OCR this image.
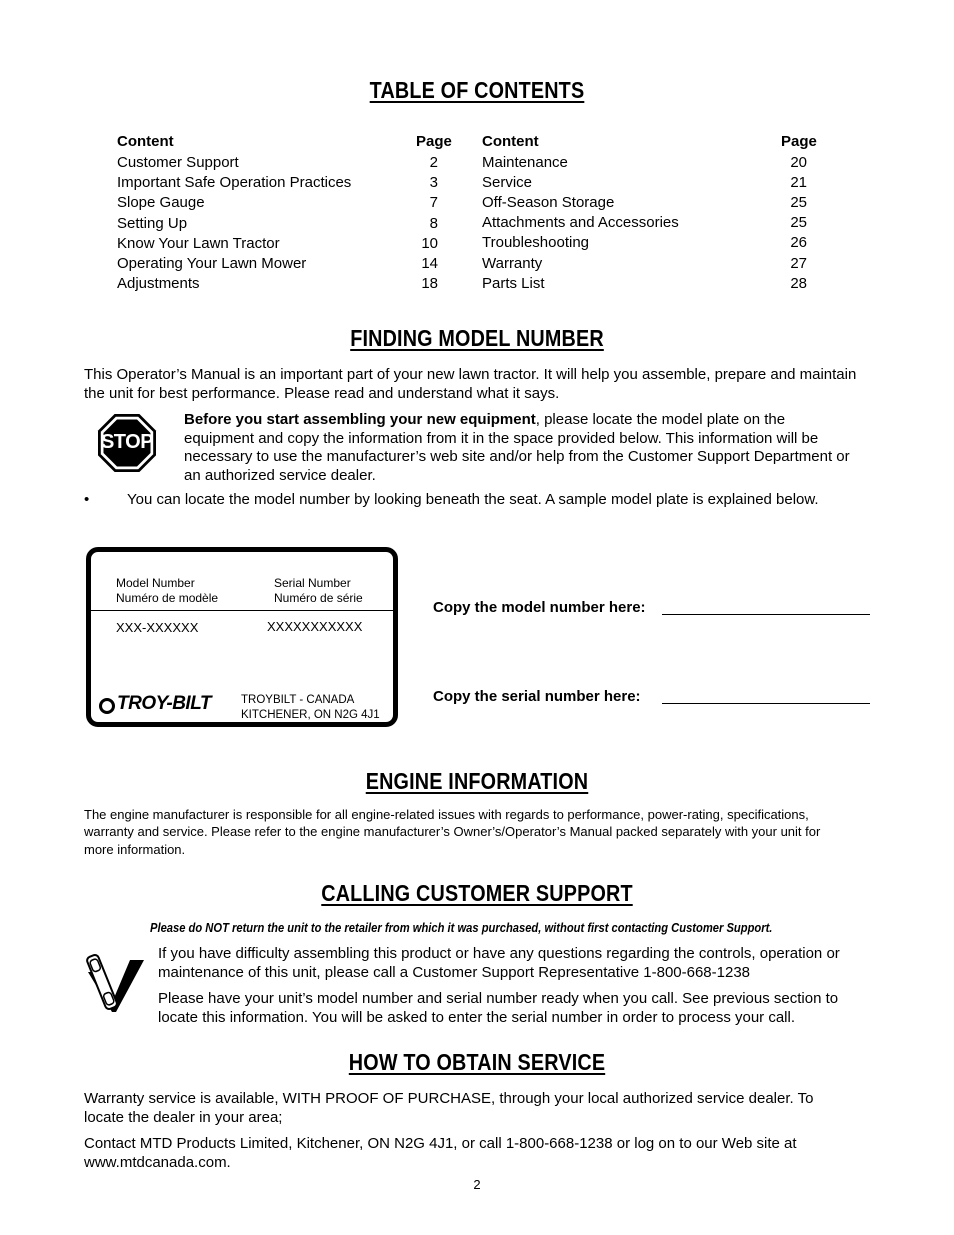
TABLE OF CONTENTS
Content	Page Content	Page
Customer Support	2
Important Safe Operation Practices	3
Slope Gauge	7
Setting Up	8
Know Your Lawn Tractor	10
Operating Your Lawn Mower	14
Adjustments	18
Maintenance	20
Service	21
Off-Season Storage	25
Attachments and Accessories	25
Troubleshooting	26
Warranty	27
Parts List	28
FINDING MODEL NUMBER
This Operator’s Manual is an important part of your new lawn tractor. It will help you assemble, prepare and maintain
the unit for best performance. Please read and understand what it says.
STOP
Before you start assembling your new equipment, please locate the model plate on the
equipment and copy the information from it in the space provided below. This information will be
necessary to use the manufacturer’s web site and/or help from the Customer Support Department or
an authorized service dealer.
•	You can locate the model number by looking beneath the seat. A sample model plate is explained below.
Model Number
Numéro de modèle
Serial Number
Numéro de série
XXX-XXXXXX	XXXXXXXXXXX
TROY-BILT	TROYBILT - CANADA
KITCHENER, ON N2G 4J1
Copy the model number here:
Copy the serial number here:
ENGINE INFORMATION
The engine manufacturer is responsible for all engine-related issues with regards to performance, power-rating, specifications,
warranty and service. Please refer to the engine manufacturer’s Owner’s/Operator’s Manual packed separately with your unit for
more information.
CALLING CUSTOMER SUPPORT
Please do NOT return the unit to the retailer from which it was purchased, without first contacting Customer Support.
If you have difficulty assembling this product or have any questions regarding the controls, operation or
maintenance of this unit, please call a Customer Support Representative 1-800-668-1238
Please have your unit’s model number and serial number ready when you call. See previous section to
locate this information. You will be asked to enter the serial number in order to process your call.
HOW TO OBTAIN SERVICE
Warranty service is available, WITH PROOF OF PURCHASE, through your local authorized service dealer. To
locate the dealer in your area;
Contact MTD Products Limited, Kitchener, ON N2G 4J1, or call 1-800-668-1238 or log on to our Web site at
www.mtdcanada.com.
2
